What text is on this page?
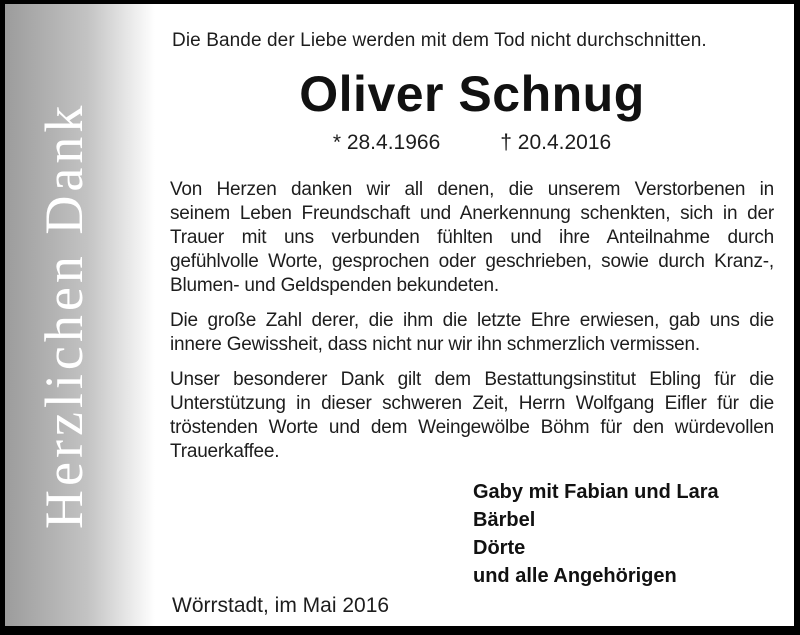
Herzlichen Dank

Die Bande der Liebe werden mit dem Tod nicht durchschnitten.

Oliver Schnug
* 28.4.1966	† 20.4.2016
Von Herzen danken wir all denen, die unserem Verstorbenen in
seinem Leben Freundschaft und Anerkennung schenkten, sich in der
Trauer mit uns verbunden fühlten und ihre Anteilnahme durch
gefühlvolle Worte, gesprochen oder geschrieben, sowie durch Kranz-,
Blumen- und Geldspenden bekundeten.
Die große Zahl derer, die ihm die letzte Ehre erwiesen, gab uns die
innere Gewissheit, dass nicht nur wir ihn schmerzlich vermissen.
Unser besonderer Dank gilt dem Bestattungsinstitut Ebling für die
Unterstützung in dieser schweren Zeit, Herrn Wolfgang Eifler für die
tröstenden Worte und dem Weingewölbe Böhm für den würdevollen
Trauerkaffee.
Gaby mit Fabian und Lara
Bärbel
Dörte
und alle Angehörigen

Wörrstadt, im Mai 2016
